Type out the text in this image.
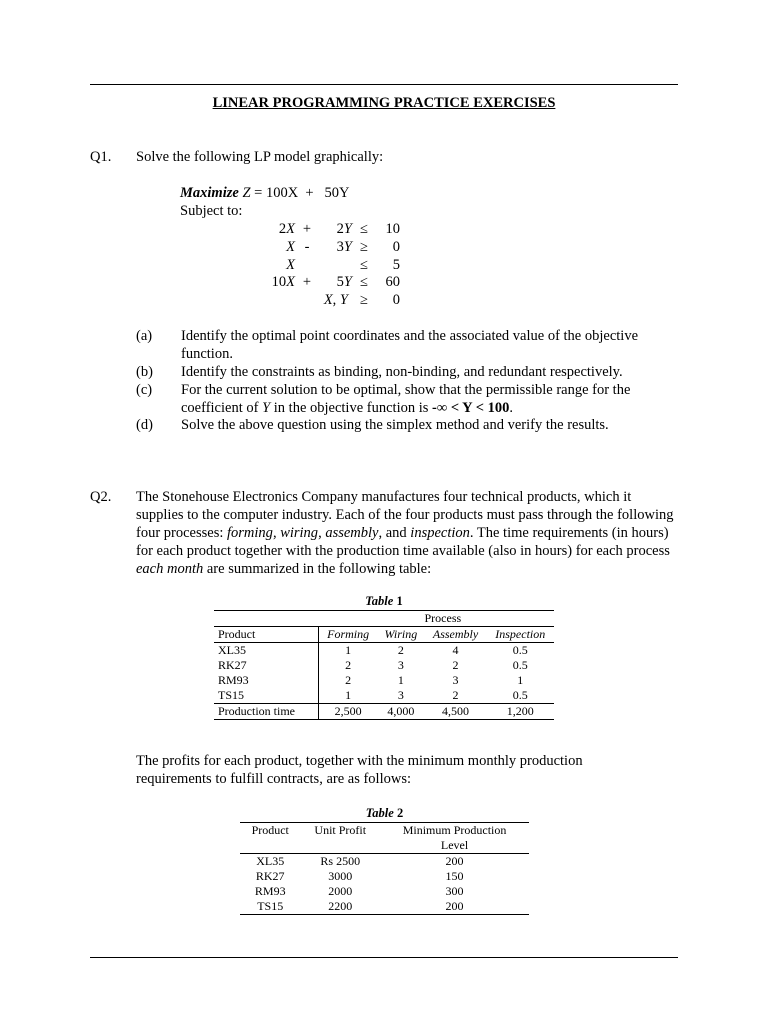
LINEAR PROGRAMMING PRACTICE EXERCISES
Q1. Solve the following LP model graphically:
Maximize Z = 100X  +   50Y
Subject to:
2X +	2Y ≤	10
X -	3Y ≥	0
X	≤	5
10X +	5Y ≤	60
X, Y ≥	0
(a) Identify the optimal point coordinates and the associated value of the objective function.
(b) Identify the constraints as binding, non-binding, and redundant respectively.
(c) For the current solution to be optimal, show that the permissible range for the coefficient of Y in the objective function is -∞ < Y < 100.
(d) Solve the above question using the simplex method and verify the results.
Q2. The Stonehouse Electronics Company manufactures four technical products, which it supplies to the computer industry. Each of the four products must pass through the following four processes: forming, wiring, assembly, and inspection. The time requirements (in hours) for each product together with the production time available (also in hours) for each process each month are summarized in the following table:
Table 1
	Process			
Product	Forming	Wiring	Assembly	Inspection
XL35	1	2	4	0.5
RK27	2	3	2	0.5
RM93	2	1	3	1
TS15	1	3	2	0.5
Production time	2,500	4,000	4,500	1,200
The profits for each product, together with the minimum monthly production requirements to fulfill contracts, are as follows:
Table 2
Product	Unit Profit	Minimum Production
Level
XL35	Rs 2500	200
RK27	3000	150
RM93	2000	300
TS15	2200	200
